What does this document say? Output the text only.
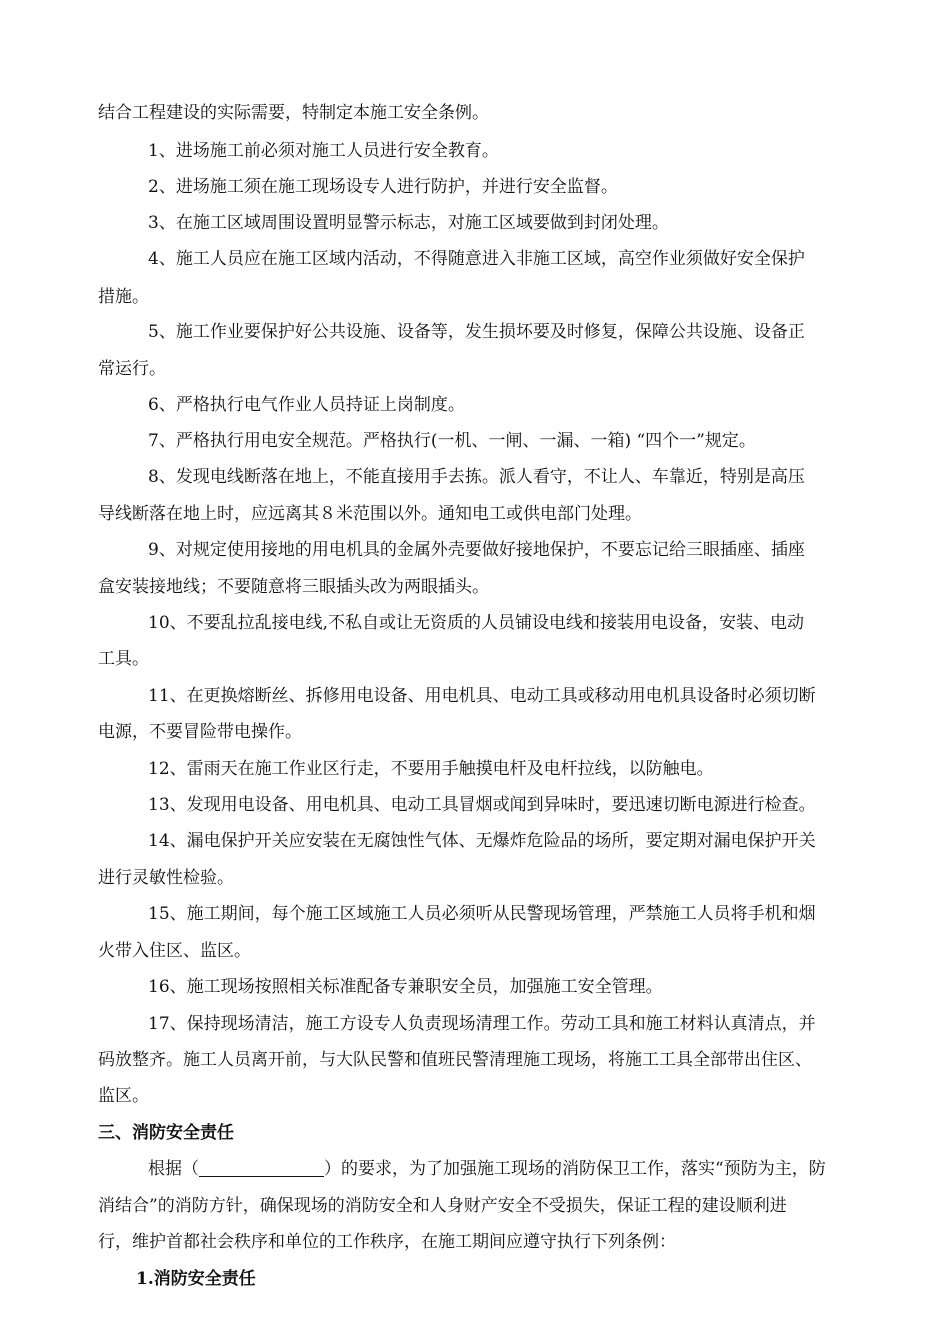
结合工程建设的实际需要，特制定本施工安全条例。
1、进场施工前必须对施工人员进行安全教育。
2、进场施工须在施工现场设专人进行防护，并进行安全监督。
3、在施工区域周围设置明显警示标志，对施工区域要做到封闭处理。
4、施工人员应在施工区域内活动，不得随意进入非施工区域，高空作业须做好安全保护
措施。
5、施工作业要保护好公共设施、设备等，发生损坏要及时修复，保障公共设施、设备正
常运行。
6、严格执行电气作业人员持证上岗制度。
7、严格执行用电安全规范。严格执行(一机、一闸、一漏、一箱) “四个一”规定。
8、发现电线断落在地上，不能直接用手去拣。派人看守，不让人、车靠近，特别是高压
导线断落在地上时，应远离其８米范围以外。通知电工或供电部门处理。
9、对规定使用接地的用电机具的金属外壳要做好接地保护，不要忘记给三眼插座、插座
盒安装接地线；不要随意将三眼插头改为两眼插头。
10、不要乱拉乱接电线,不私自或让无资质的人员铺设电线和接装用电设备，安装、电动
工具。
11、在更换熔断丝、拆修用电设备、用电机具、电动工具或移动用电机具设备时必须切断
电源，不要冒险带电操作。
12、雷雨天在施工作业区行走，不要用手触摸电杆及电杆拉线，以防触电。
13、发现用电设备、用电机具、电动工具冒烟或闻到异味时，要迅速切断电源进行检查。
14、漏电保护开关应安装在无腐蚀性气体、无爆炸危险品的场所，要定期对漏电保护开关
进行灵敏性检验。
15、施工期间，每个施工区域施工人员必须听从民警现场管理，严禁施工人员将手机和烟
火带入住区、监区。
16、施工现场按照相关标准配备专兼职安全员，加强施工安全管理。
17、保持现场清洁，施工方设专人负责现场清理工作。劳动工具和施工材料认真清点，并
码放整齐。施工人员离开前，与大队民警和值班民警清理施工现场，将施工工具全部带出住区、
监区。
三、消防安全责任
根据（	）的要求，为了加强施工现场的消防保卫工作，落实“预防为主，防
消结合”的消防方针，确保现场的消防安全和人身财产安全不受损失，保证工程的建设顺利进
行，维护首都社会秩序和单位的工作秩序，在施工期间应遵守执行下列条例：
1.消防安全责任
